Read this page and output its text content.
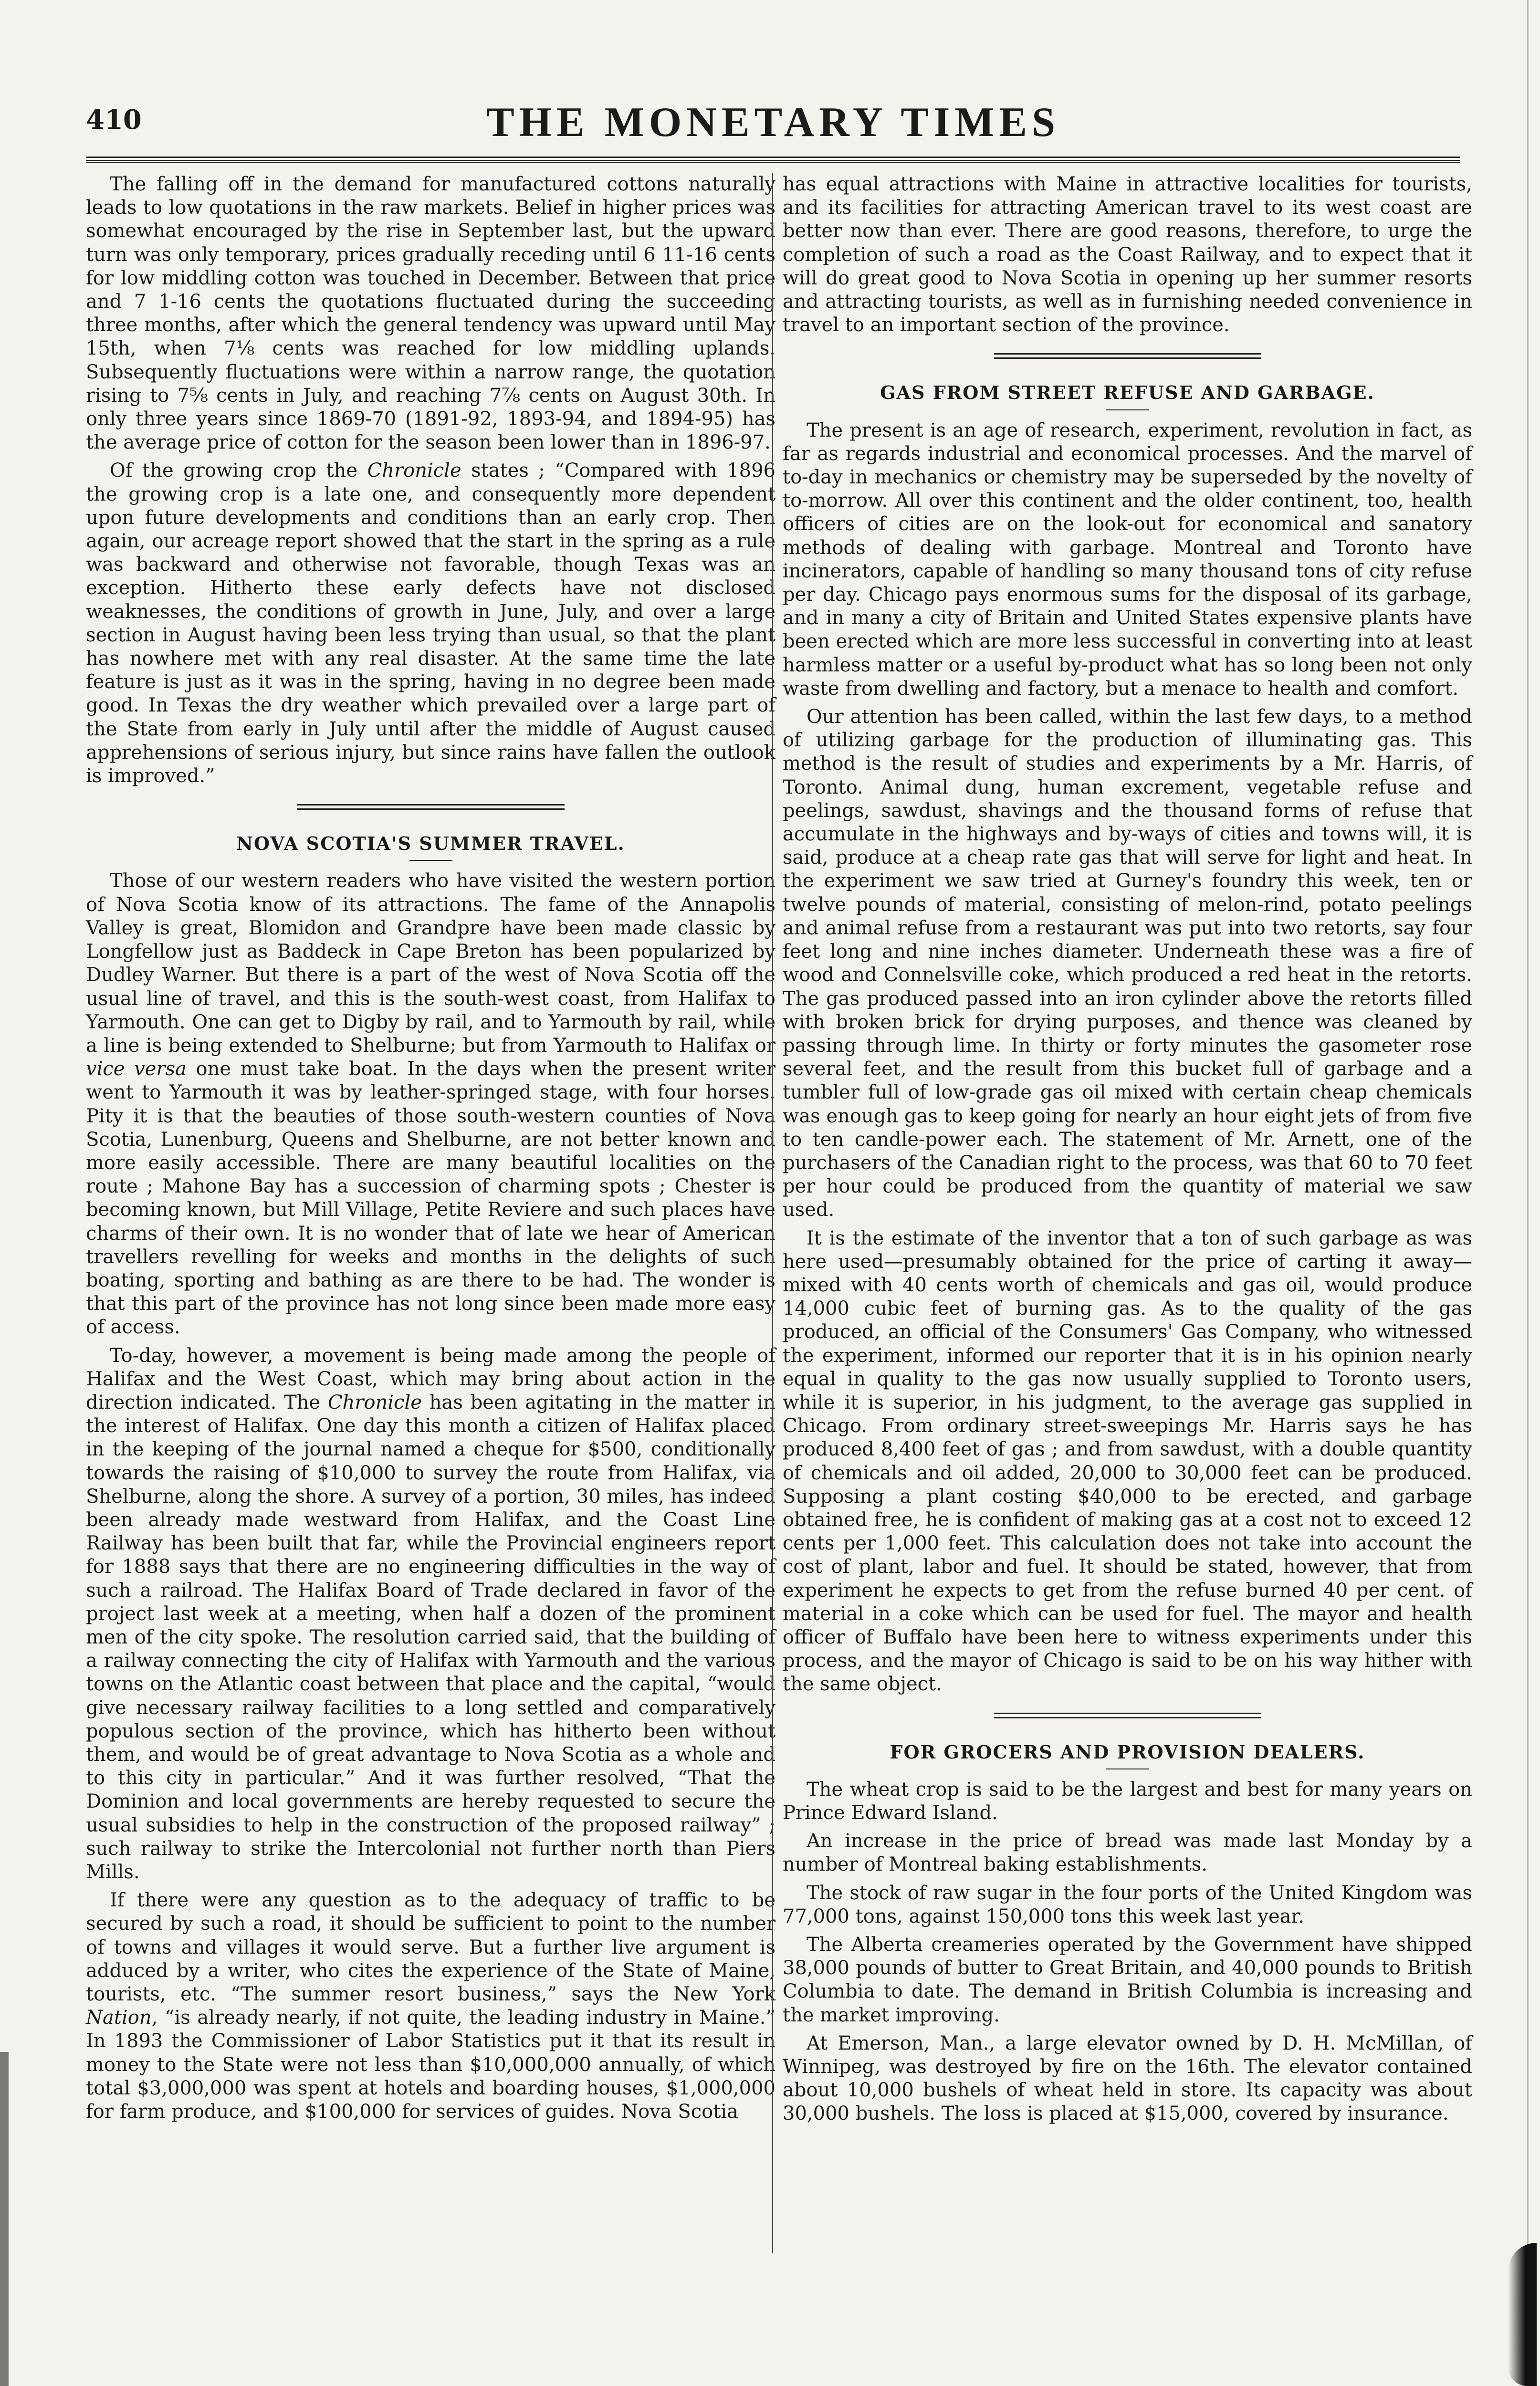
410	THE MONETARY TIMES

The falling off in the demand for manufactured cottons naturally leads to low quotations in the raw markets. Belief in higher prices was somewhat encouraged by the rise in September last, but the upward turn was only temporary, prices gradually receding until 6 11-16 cents for low middling cotton was touched in December. Between that price and 7 1-16 cents the quotations fluctuated during the succeeding three months, after which the general tendency was upward until May 15th, when 7⅛ cents was reached for low middling uplands. Subsequently fluctuations were within a narrow range, the quotation rising to 7⅝ cents in July, and reaching 7⅞ cents on August 30th. In only three years since 1869-70 (1891-92, 1893-94, and 1894-95) has the average price of cotton for the season been lower than in 1896-97.

Of the growing crop the Chronicle states ; “Compared with 1896 the growing crop is a late one, and consequently more dependent upon future developments and conditions than an early crop. Then again, our acreage report showed that the start in the spring as a rule was backward and otherwise not favorable, though Texas was an exception. Hitherto these early defects have not disclosed weaknesses, the conditions of growth in June, July, and over a large section in August having been less trying than usual, so that the plant has nowhere met with any real disaster. At the same time the late feature is just as it was in the spring, having in no degree been made good. In Texas the dry weather which prevailed over a large part of the State from early in July until after the middle of August caused apprehensions of serious injury, but since rains have fallen the outlook is improved.”

NOVA SCOTIA'S SUMMER TRAVEL.

Those of our western readers who have visited the western portion of Nova Scotia know of its attractions. The fame of the Annapolis Valley is great, Blomidon and Grandpre have been made classic by Longfellow just as Baddeck in Cape Breton has been popularized by Dudley Warner. But there is a part of the west of Nova Scotia off the usual line of travel, and this is the south-west coast, from Halifax to Yarmouth. One can get to Digby by rail, and to Yarmouth by rail, while a line is being extended to Shelburne; but from Yarmouth to Halifax or vice versa one must take boat. In the days when the present writer went to Yarmouth it was by leather-springed stage, with four horses. Pity it is that the beauties of those south-western counties of Nova Scotia, Lunenburg, Queens and Shelburne, are not better known and more easily accessible. There are many beautiful localities on the route ; Mahone Bay has a succession of charming spots ; Chester is becoming known, but Mill Village, Petite Reviere and such places have charms of their own. It is no wonder that of late we hear of American travellers revelling for weeks and months in the delights of such boating, sporting and bathing as are there to be had. The wonder is that this part of the province has not long since been made more easy of access.

To-day, however, a movement is being made among the people of Halifax and the West Coast, which may bring about action in the direction indicated. The Chronicle has been agitating in the matter in the interest of Halifax. One day this month a citizen of Halifax placed in the keeping of the journal named a cheque for $500, conditionally towards the raising of $10,000 to survey the route from Halifax, via Shelburne, along the shore. A survey of a portion, 30 miles, has indeed been already made westward from Halifax, and the Coast Line Railway has been built that far, while the Provincial engineers report for 1888 says that there are no engineering difficulties in the way of such a railroad. The Halifax Board of Trade declared in favor of the project last week at a meeting, when half a dozen of the prominent men of the city spoke. The resolution carried said, that the building of a railway connecting the city of Halifax with Yarmouth and the various towns on the Atlantic coast between that place and the capital, “would give necessary railway facilities to a long settled and comparatively populous section of the province, which has hitherto been without them, and would be of great advantage to Nova Scotia as a whole and to this city in particular.” And it was further resolved, “That the Dominion and local governments are hereby requested to secure the usual subsidies to help in the construction of the proposed railway” ; such railway to strike the Intercolonial not further north than Piers Mills.

If there were any question as to the adequacy of traffic to be secured by such a road, it should be sufficient to point to the number of towns and villages it would serve. But a further live argument is adduced by a writer, who cites the experience of the State of Maine, tourists, etc. “The summer resort business,” says the New York Nation, “is already nearly, if not quite, the leading industry in Maine.” In 1893 the Commissioner of Labor Statistics put it that its result in money to the State were not less than $10,000,000 annually, of which total $3,000,000 was spent at hotels and boarding houses, $1,000,000 for farm produce, and $100,000 for services of guides. Nova Scotia

has equal attractions with Maine in attractive localities for tourists, and its facilities for attracting American travel to its west coast are better now than ever. There are good reasons, therefore, to urge the completion of such a road as the Coast Railway, and to expect that it will do great good to Nova Scotia in opening up her summer resorts and attracting tourists, as well as in furnishing needed convenience in travel to an important section of the province.

GAS FROM STREET REFUSE AND GARBAGE.

The present is an age of research, experiment, revolution in fact, as far as regards industrial and economical processes. And the marvel of to-day in mechanics or chemistry may be superseded by the novelty of to-morrow. All over this continent and the older continent, too, health officers of cities are on the look-out for economical and sanatory methods of dealing with garbage. Montreal and Toronto have incinerators, capable of handling so many thousand tons of city refuse per day. Chicago pays enormous sums for the disposal of its garbage, and in many a city of Britain and United States expensive plants have been erected which are more less successful in converting into at least harmless matter or a useful by-product what has so long been not only waste from dwelling and factory, but a menace to health and comfort.

Our attention has been called, within the last few days, to a method of utilizing garbage for the production of illuminating gas. This method is the result of studies and experiments by a Mr. Harris, of Toronto. Animal dung, human excrement, vegetable refuse and peelings, sawdust, shavings and the thousand forms of refuse that accumulate in the highways and by-ways of cities and towns will, it is said, produce at a cheap rate gas that will serve for light and heat. In the experiment we saw tried at Gurney's foundry this week, ten or twelve pounds of material, consisting of melon-rind, potato peelings and animal refuse from a restaurant was put into two retorts, say four feet long and nine inches diameter. Underneath these was a fire of wood and Connelsville coke, which produced a red heat in the retorts. The gas produced passed into an iron cylinder above the retorts filled with broken brick for drying purposes, and thence was cleaned by passing through lime. In thirty or forty minutes the gasometer rose several feet, and the result from this bucket full of garbage and a tumbler full of low-grade gas oil mixed with certain cheap chemicals was enough gas to keep going for nearly an hour eight jets of from five to ten candle-power each. The statement of Mr. Arnett, one of the purchasers of the Canadian right to the process, was that 60 to 70 feet per hour could be produced from the quantity of material we saw used.

It is the estimate of the inventor that a ton of such garbage as was here used—presumably obtained for the price of carting it away—mixed with 40 cents worth of chemicals and gas oil, would produce 14,000 cubic feet of burning gas. As to the quality of the gas produced, an official of the Consumers' Gas Company, who witnessed the experiment, informed our reporter that it is in his opinion nearly equal in quality to the gas now usually supplied to Toronto users, while it is superior, in his judgment, to the average gas supplied in Chicago. From ordinary street-sweepings Mr. Harris says he has produced 8,400 feet of gas ; and from sawdust, with a double quantity of chemicals and oil added, 20,000 to 30,000 feet can be produced. Supposing a plant costing $40,000 to be erected, and garbage obtained free, he is confident of making gas at a cost not to exceed 12 cents per 1,000 feet. This calculation does not take into account the cost of plant, labor and fuel. It should be stated, however, that from experiment he expects to get from the refuse burned 40 per cent. of material in a coke which can be used for fuel. The mayor and health officer of Buffalo have been here to witness experiments under this process, and the mayor of Chicago is said to be on his way hither with the same object.

FOR GROCERS AND PROVISION DEALERS.

The wheat crop is said to be the largest and best for many years on Prince Edward Island.

An increase in the price of bread was made last Monday by a number of Montreal baking establishments.

The stock of raw sugar in the four ports of the United Kingdom was 77,000 tons, against 150,000 tons this week last year.

The Alberta creameries operated by the Government have shipped 38,000 pounds of butter to Great Britain, and 40,000 pounds to British Columbia to date. The demand in British Columbia is increasing and the market improving.

At Emerson, Man., a large elevator owned by D. H. McMillan, of Winnipeg, was destroyed by fire on the 16th. The elevator contained about 10,000 bushels of wheat held in store. Its capacity was about 30,000 bushels. The loss is placed at $15,000, covered by insurance.
